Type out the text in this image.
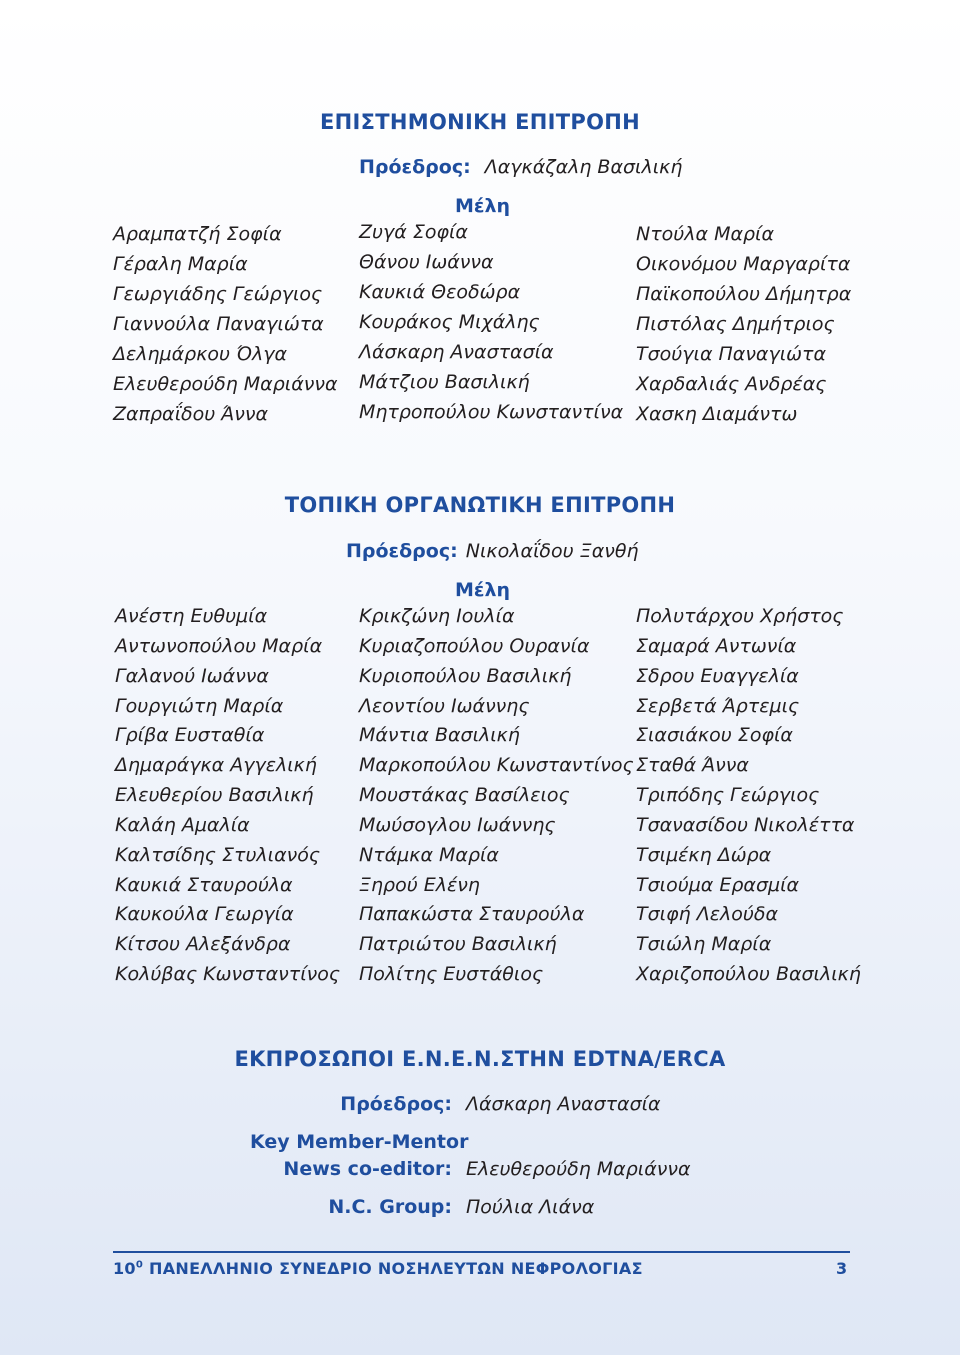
ΕΠΙΣΤΗΜΟΝΙΚΗ ΕΠΙΤΡΟΠΗ
Πρόεδρος: Λαγκάζαλη Βασιλική
Μέλη
Αραμπατζή Σοφία
Γέραλη Μαρία
Γεωργιάδης Γεώργιος
Γιαννούλα Παναγιώτα
Δελημάρκου Όλγα
Ελευθερούδη Μαριάννα
Ζαπραΐδου Άννα
Ζυγά Σοφία
Θάνου Ιωάννα
Καυκιά Θεοδώρα
Κουράκος Μιχάλης
Λάσκαρη Αναστασία
Μάτζιου Βασιλική
Μητροπούλου Κωνσταντίνα
Ντούλα Μαρία
Οικονόμου Μαργαρίτα
Παϊκοπούλου Δήμητρα
Πιστόλας Δημήτριος
Τσούγια Παναγιώτα
Χαρδαλιάς Ανδρέας
Χασκη Διαμάντω
ΤΟΠΙΚΗ ΟΡΓΑΝΩΤΙΚΗ ΕΠΙΤΡΟΠΗ
Πρόεδρος: Νικολαΐδου Ξανθή
Μέλη
Ανέστη Ευθυμία
Αντωνοπούλου Μαρία
Γαλανού Ιωάννα
Γουργιώτη Μαρία
Γρίβα Ευσταθία
Δημαράγκα Αγγελική
Ελευθερίου Βασιλική
Καλάη Αμαλία
Καλτσίδης Στυλιανός
Καυκιά Σταυρούλα
Καυκούλα Γεωργία
Κίτσου Αλεξάνδρα
Κολύβας Κωνσταντίνος
Κρικζώνη Ιουλία
Κυριαζοπούλου Ουρανία
Κυριοπούλου Βασιλική
Λεοντίου Ιωάννης
Μάντια Βασιλική
Μαρκοπούλου Κωνσταντίνος
Μουστάκας Βασίλειος
Μωύσογλου Ιωάννης
Ντάμκα Μαρία
Ξηρού Ελένη
Παπακώστα Σταυρούλα
Πατριώτου Βασιλική
Πολίτης Ευστάθιος
Πολυτάρχου Χρήστος
Σαμαρά Αντωνία
Σδρου Ευαγγελία
Σερβετά Άρτεμις
Σιασιάκου Σοφία
Σταθά Άννα
Τριπόδης Γεώργιος
Τσανασίδου Νικολέττα
Τσιμέκη Δώρα
Τσιούμα Ερασμία
Τσιφή Λελούδα
Τσιώλη Μαρία
Χαριζοπούλου Βασιλική
ΕΚΠΡΟΣΩΠΟΙ Ε.Ν.Ε.Ν.ΣΤΗΝ EDTNA/ERCA
Πρόεδρος: Λάσκαρη Αναστασία
Key Member-Mentor
News co-editor: Ελευθερούδη Μαριάννα
N.C. Group: Πούλια Λιάνα
$10^0$ ΠΑΝΕΛΛΗΝΙΟ ΣΥΝΕΔΡΙΟ ΝΟΣΗΛΕΥΤΩΝ ΝΕΦΡΟΛΟΓΙΑΣ	3
